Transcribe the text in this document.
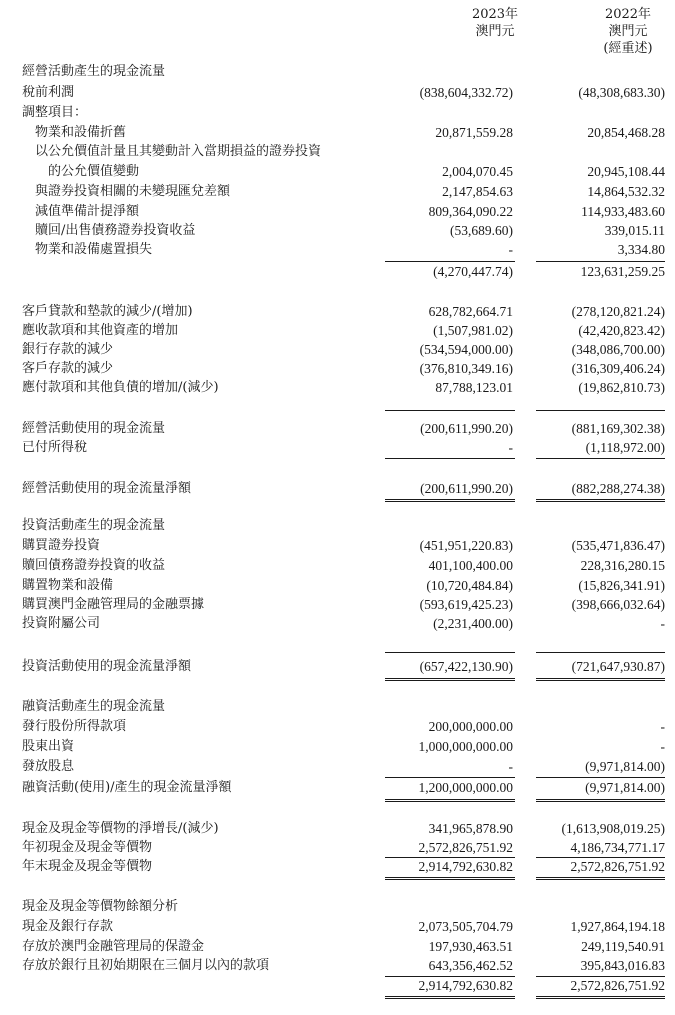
2023年
澳門元
2022年
澳門元
(經重述)
經營活動產生的現金流量
稅前利潤	(838,604,332.72)	(48,308,683.30)
調整項目：
物業和設備折舊	20,871,559.28	20,854,468.28
以公允價值計量且其變動計入當期損益的證券投資
的公允價值變動	2,004,070.45	20,945,108.44
與證券投資相關的未變現匯兌差額	2,147,854.63	14,864,532.32
減值準備計提淨額	809,364,090.22	114,933,483.60
贖回/出售債務證券投資收益	(53,689.60)	339,015.11
物業和設備處置損失	-	3,334.80
(4,270,447.74)	123,631,259.25
客戶貸款和墊款的減少/(增加)	628,782,664.71	(278,120,821.24)
應收款項和其他資產的增加	(1,507,981.02)	(42,420,823.42)
銀行存款的減少	(534,594,000.00)	(348,086,700.00)
客戶存款的減少	(376,810,349.16)	(316,309,406.24)
應付款項和其他負債的增加/(減少)	87,788,123.01	(19,862,810.73)
經營活動使用的現金流量	(200,611,990.20)	(881,169,302.38)
已付所得稅	-	(1,118,972.00)
經營活動使用的現金流量淨額	(200,611,990.20)	(882,288,274.38)
投資活動產生的現金流量
購買證券投資	(451,951,220.83)	(535,471,836.47)
贖回債務證券投資的收益	401,100,400.00	228,316,280.15
購置物業和設備	(10,720,484.84)	(15,826,341.91)
購買澳門金融管理局的金融票據	(593,619,425.23)	(398,666,032.64)
投資附屬公司	(2,231,400.00)	-
投資活動使用的現金流量淨額	(657,422,130.90)	(721,647,930.87)
融資活動產生的現金流量
發行股份所得款項	200,000,000.00	-
股東出資	1,000,000,000.00	-
發放股息	-	(9,971,814.00)
融資活動(使用)/產生的現金流量淨額	1,200,000,000.00	(9,971,814.00)
現金及現金等價物的淨增長/(減少)	341,965,878.90	(1,613,908,019.25)
年初現金及現金等價物	2,572,826,751.92	4,186,734,771.17
年末現金及現金等價物	2,914,792,630.82	2,572,826,751.92
現金及現金等價物餘額分析
現金及銀行存款	2,073,505,704.79	1,927,864,194.18
存放於澳門金融管理局的保證金	197,930,463.51	249,119,540.91
存放於銀行且初始期限在三個月以內的款項	643,356,462.52	395,843,016.83
2,914,792,630.82	2,572,826,751.92
